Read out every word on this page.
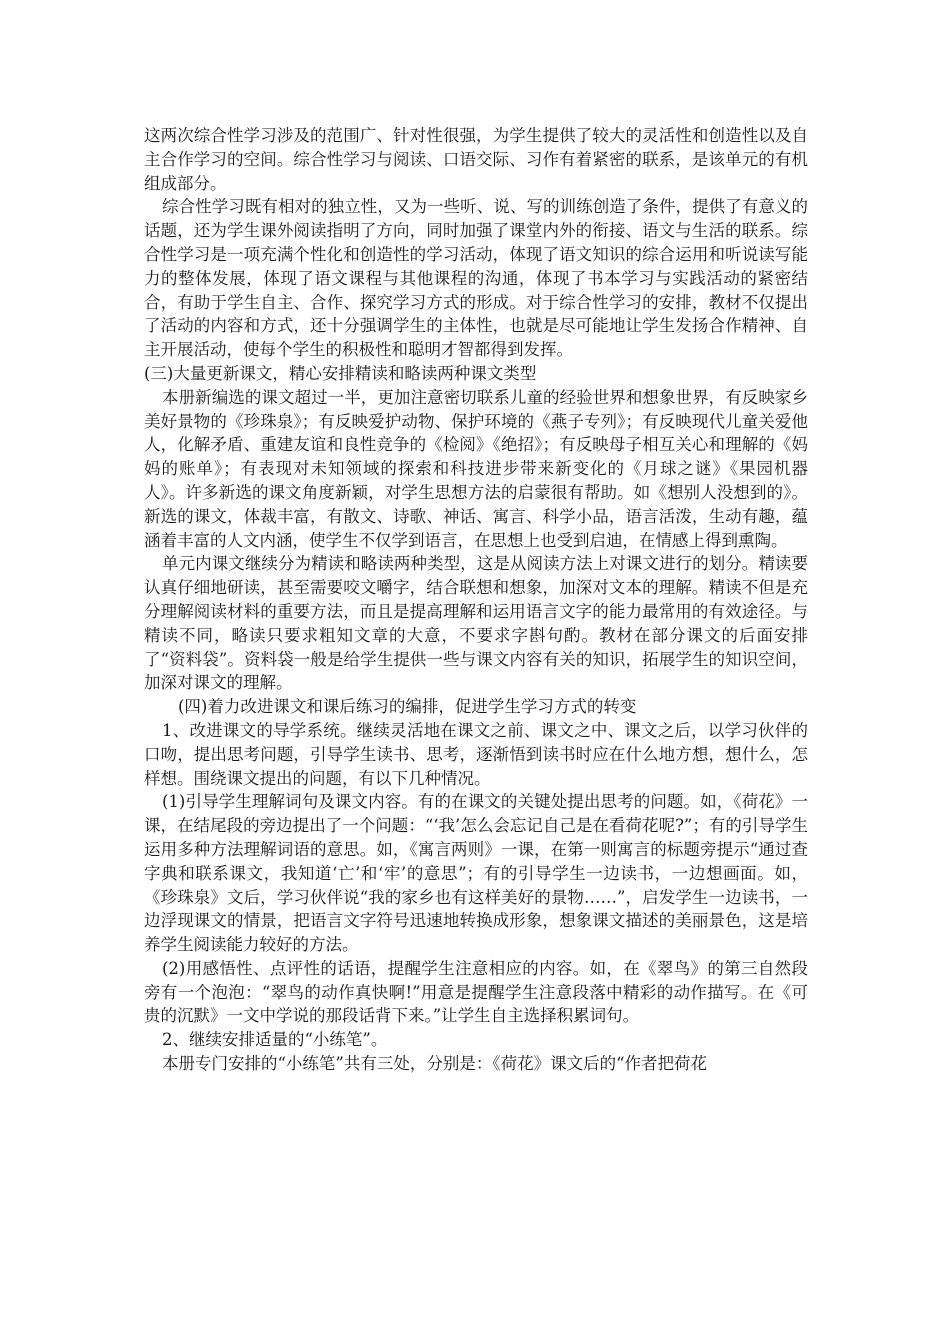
这两次综合性学习涉及的范围广、针对性很强，为学生提供了较大的灵活性和创造性以及自主合作学习的空间。综合性学习与阅读、口语交际、习作有着紧密的联系，是该单元的有机组成部分。

综合性学习既有相对的独立性，又为一些听、说、写的训练创造了条件，提供了有意义的话题，还为学生课外阅读指明了方向，同时加强了课堂内外的衔接、语文与生活的联系。综合性学习是一项充满个性化和创造性的学习活动，体现了语文知识的综合运用和听说读写能力的整体发展，体现了语文课程与其他课程的沟通，体现了书本学习与实践活动的紧密结合，有助于学生自主、合作、探究学习方式的形成。对于综合性学习的安排，教材不仅提出了活动的内容和方式，还十分强调学生的主体性，也就是尽可能地让学生发扬合作精神、自主开展活动，使每个学生的积极性和聪明才智都得到发挥。

(三)大量更新课文，精心安排精读和略读两种课文类型

本册新编选的课文超过一半，更加注意密切联系儿童的经验世界和想象世界，有反映家乡美好景物的《珍珠泉》；有反映爱护动物、保护环境的《燕子专列》；有反映现代儿童关爱他人，化解矛盾、重建友谊和良性竞争的《检阅》《绝招》；有反映母子相互关心和理解的《妈妈的账单》；有表现对未知领域的探索和科技进步带来新变化的《月球之谜》《果园机器人》。许多新选的课文角度新颖，对学生思想方法的启蒙很有帮助。如《想别人没想到的》。新选的课文，体裁丰富，有散文、诗歌、神话、寓言、科学小品，语言活泼，生动有趣，蕴涵着丰富的人文内涵，使学生不仅学到语言，在思想上也受到启迪，在情感上得到熏陶。

单元内课文继续分为精读和略读两种类型，这是从阅读方法上对课文进行的划分。精读要认真仔细地研读，甚至需要咬文嚼字，结合联想和想象，加深对文本的理解。精读不但是充分理解阅读材料的重要方法，而且是提高理解和运用语言文字的能力最常用的有效途径。与精读不同，略读只要求粗知文章的大意，不要求字斟句酌。教材在部分课文的后面安排了“资料袋”。资料袋一般是给学生提供一些与课文内容有关的知识，拓展学生的知识空间，加深对课文的理解。

(四)着力改进课文和课后练习的编排，促进学生学习方式的转变

1、改进课文的导学系统。继续灵活地在课文之前、课文之中、课文之后，以学习伙伴的口吻，提出思考问题，引导学生读书、思考，逐渐悟到读书时应在什么地方想，想什么，怎样想。围绕课文提出的问题，有以下几种情况。

(1)引导学生理解词句及课文内容。有的在课文的关键处提出思考的问题。如，《荷花》一课，在结尾段的旁边提出了一个问题：“‘我’怎么会忘记自己是在看荷花呢?”；有的引导学生运用多种方法理解词语的意思。如，《寓言两则》一课，在第一则寓言的标题旁提示“通过查字典和联系课文，我知道‘亡’和‘牢’的意思”；有的引导学生一边读书，一边想画面。如，《珍珠泉》文后，学习伙伴说“我的家乡也有这样美好的景物……”，启发学生一边读书，一边浮现课文的情景，把语言文字符号迅速地转换成形象，想象课文描述的美丽景色，这是培养学生阅读能力较好的方法。

(2)用感悟性、点评性的话语，提醒学生注意相应的内容。如，在《翠鸟》的第三自然段旁有一个泡泡：“翠鸟的动作真快啊!”用意是提醒学生注意段落中精彩的动作描写。在《可贵的沉默》一文中学说的那段话背下来。”让学生自主选择积累词句。

2、继续安排适量的“小练笔”。

本册专门安排的“小练笔”共有三处，分别是：《荷花》课文后的“作者把荷花
